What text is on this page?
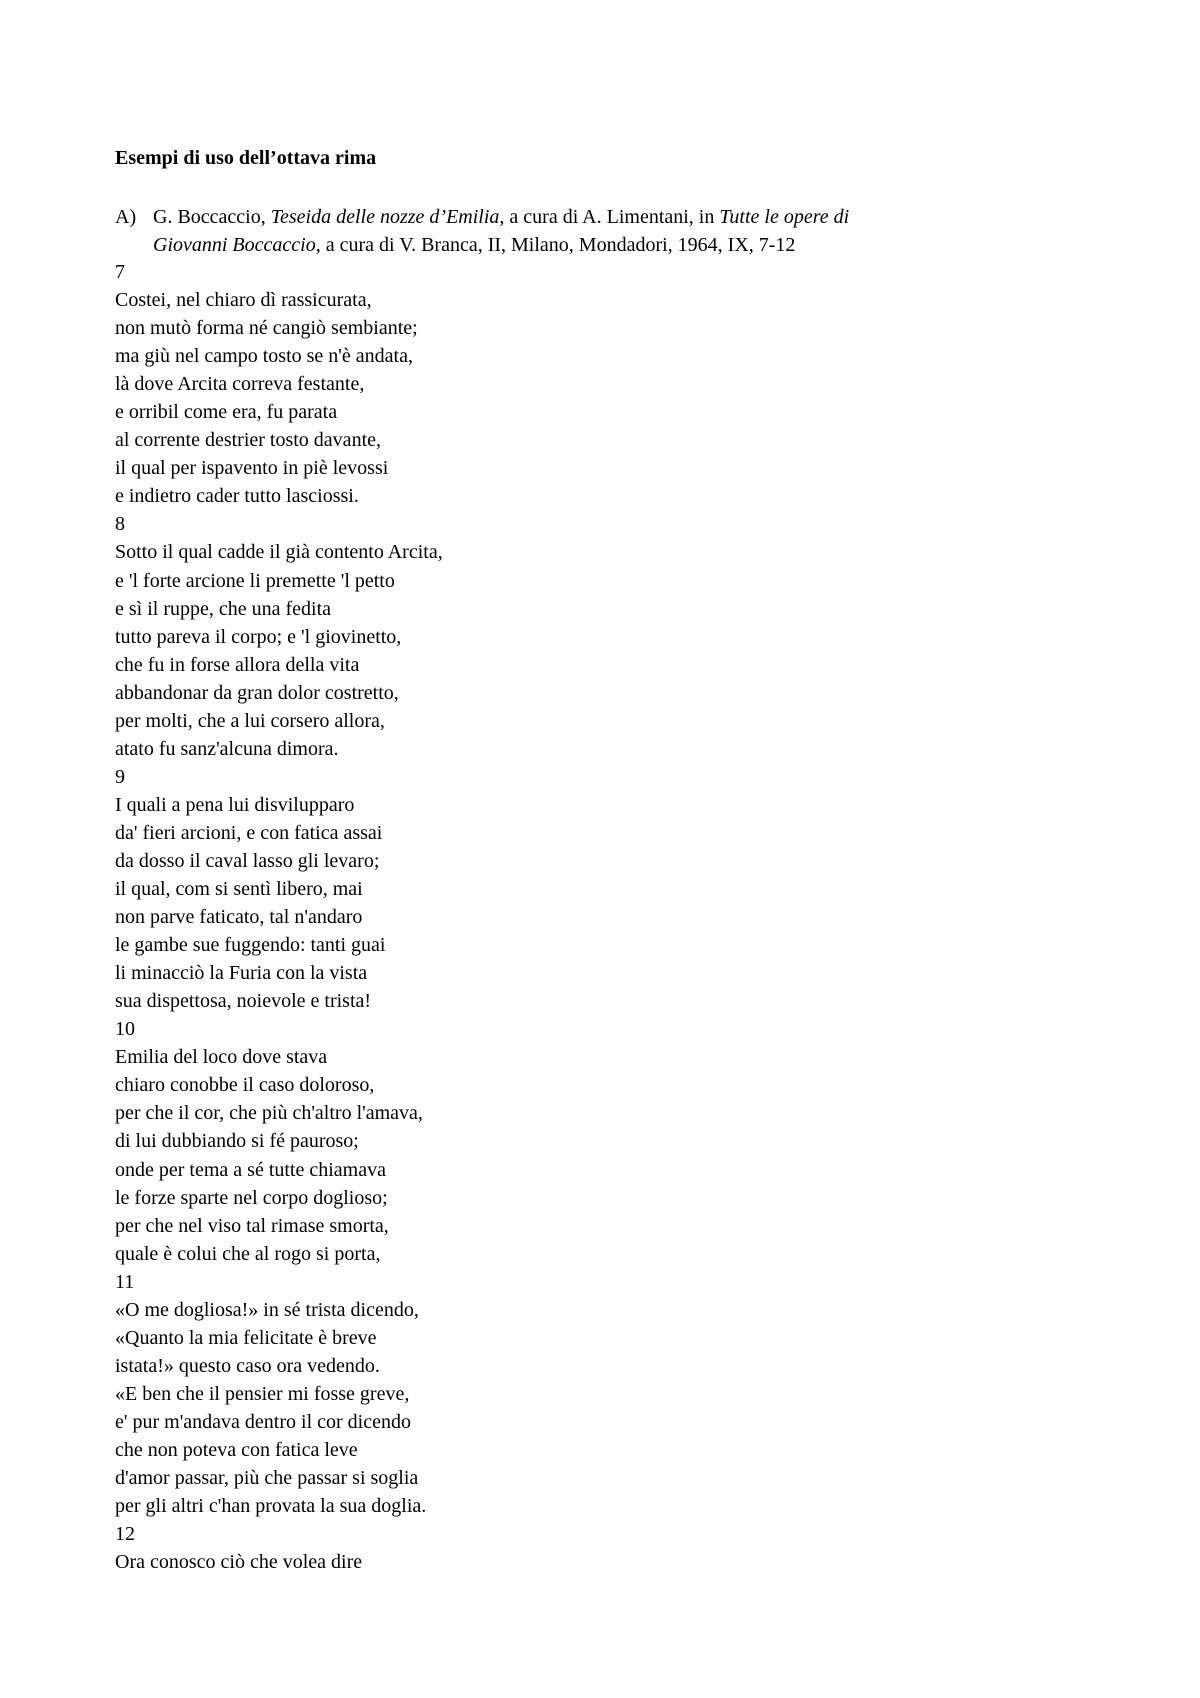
Esempi di uso dell’ottava rima
A) G. Boccaccio, Teseida delle nozze d’Emilia, a cura di A. Limentani, in Tutte le opere di
Giovanni Boccaccio, a cura di V. Branca, II, Milano, Mondadori, 1964, IX, 7-12
7
Costei, nel chiaro dì rassicurata,
non mutò forma né cangiò sembiante;
ma giù nel campo tosto se n'è andata,
là dove Arcita correva festante,
e orribil come era, fu parata
al corrente destrier tosto davante,
il qual per ispavento in piè levossi
e indietro cader tutto lasciossi.
8
Sotto il qual cadde il già contento Arcita,
e 'l forte arcione li premette 'l petto
e sì il ruppe, che una fedita
tutto pareva il corpo; e 'l giovinetto,
che fu in forse allora della vita
abbandonar da gran dolor costretto,
per molti, che a lui corsero allora,
atato fu sanz'alcuna dimora.
9
I quali a pena lui disvilupparo
da' fieri arcioni, e con fatica assai
da dosso il caval lasso gli levaro;
il qual, com si sentì libero, mai
non parve faticato, tal n'andaro
le gambe sue fuggendo: tanti guai
li minacciò la Furia con la vista
sua dispettosa, noievole e trista!
10
Emilia del loco dove stava
chiaro conobbe il caso doloroso,
per che il cor, che più ch'altro l'amava,
di lui dubbiando si fé pauroso;
onde per tema a sé tutte chiamava
le forze sparte nel corpo doglioso;
per che nel viso tal rimase smorta,
quale è colui che al rogo si porta,
11
«O me dogliosa!» in sé trista dicendo,
«Quanto la mia felicitate è breve
istata!» questo caso ora vedendo.
«E ben che il pensier mi fosse greve,
e' pur m'andava dentro il cor dicendo
che non poteva con fatica leve
d'amor passar, più che passar si soglia
per gli altri c'han provata la sua doglia.
12
Ora conosco ciò che volea dire
